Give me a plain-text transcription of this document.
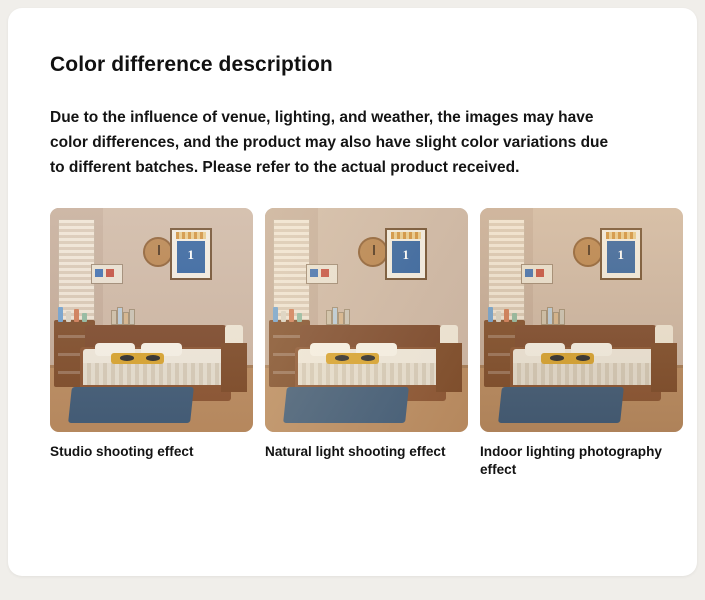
Color difference description

Due to the influence of venue, lighting, and weather, the images may have color differences, and the product may also have slight color variations due to different batches. Please refer to the actual product received.

1
Studio shooting effect
1	Natural light shooting effect
1	Indoor lighting photography effect
